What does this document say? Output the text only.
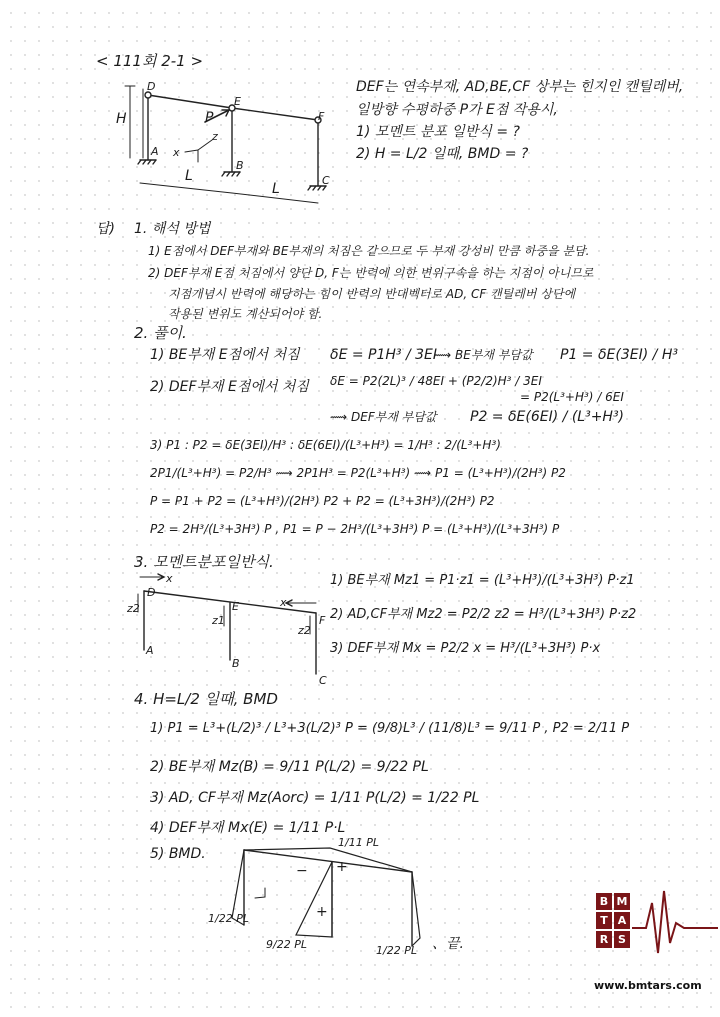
< 111회 2-1 >
D
E
F
A
B
C
H
L
L
P
x
z
DEF는 연속부재, AD,BE,CF 상부는 힌지인 캔틸레버,
일방향 수평하중 P가 E점 작용시,
1) 모멘트 분포 일반식 = ?
2) H = L/2 일때, BMD = ?
답) 1. 해석 방법
1) E점에서 DEF부재와 BE부재의 처짐은 같으므로 두 부재 강성비 만큼 하중을 분담.
2) DEF부재 E점 처짐에서 양단 D, F는 반력에 의한 변위구속을 하는 지점이 아니므로
지점개념시 반력에 해당하는 힘이 반력의 반대벡터로 AD, CF 캔틸레버 상단에
작용된 변위도 계산되어야 함.
2. 풀이.
1) BE부재 E점에서 처짐 δE = P1H³ / 3EI
⟿ BE부재 부담값 P1 = δE(3EI) / H³
2) DEF부재 E점에서 처짐 δE = P2(2L)³ / 48EI + (P2/2)H³ / 3EI
= P2(L³+H³) / 6EI
⟿ DEF부재 부담값 P2 = δE(6EI) / (L³+H³)
3) P1 : P2 = δE(3EI)/H³ : δE(6EI)/(L³+H³) = 1/H³ : 2/(L³+H³)
2P1/(L³+H³) = P2/H³ ⟿ 2P1H³ = P2(L³+H³) ⟿ P1 = (L³+H³)/(2H³) P2
P = P1 + P2 = (L³+H³)/(2H³) P2 + P2 = (L³+3H³)/(2H³) P2
P2 = 2H³/(L³+3H³) P , P1 = P − 2H³/(L³+3H³) P = (L³+H³)/(L³+3H³) P
3. 모멘트분포일반식.
x
x
D
E
F
z2
z1
z2
A
B
C
1) BE부재 Mz1 = P1·z1 = (L³+H³)/(L³+3H³) P·z1
2) AD,CF부재 Mz2 = P2/2 z2 = H³/(L³+3H³) P·z2
3) DEF부재 Mx = P2/2 x = H³/(L³+3H³) P·x
4. H=L/2 일때, BMD
1) P1 = L³+(L/2)³ / L³+3(L/2)³ P = (9/8)L³ / (11/8)L³ = 9/11 P , P2 = 2/11 P
2) BE부재 Mz(B) = 9/11 P(L/2) = 9/22 PL
3) AD, CF부재 Mz(Aorc) = 1/11 P(L/2) = 1/22 PL
4) DEF부재 Mx(E) = 1/11 P·L
5) BMD.
1/11 PL
1/22 PL
9/22 PL	1/22 PL
+
+
−
、끝.
B M
T A
R S
www.bmtars.com
